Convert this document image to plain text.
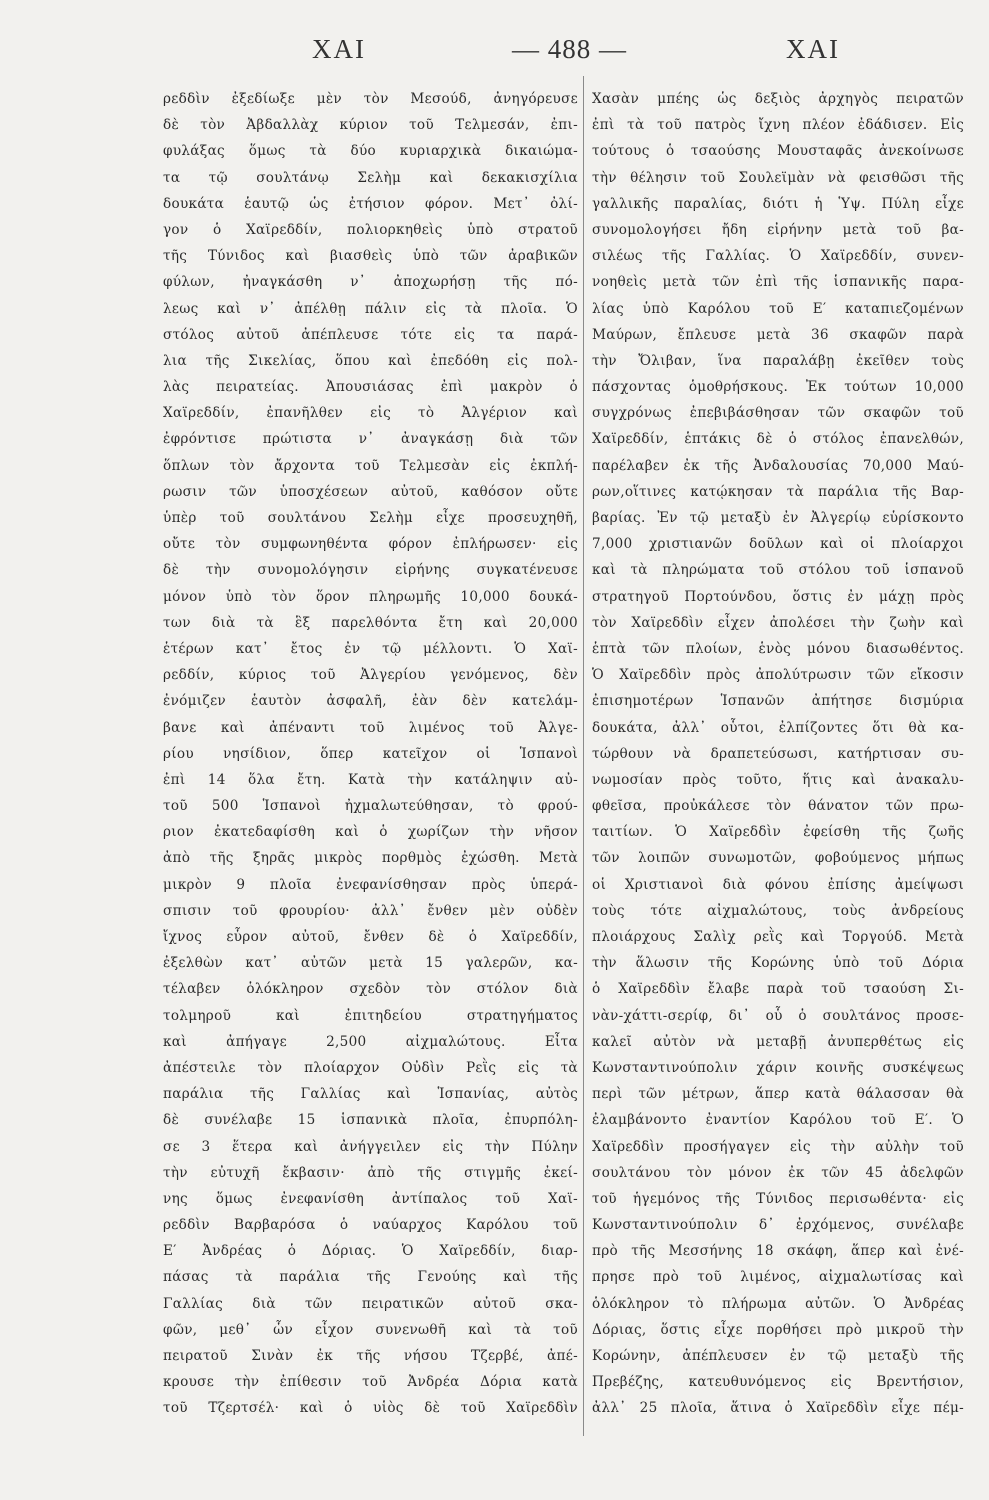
XAI	— 488 —	XAI
ρεδδὶν ἐξεδίωξε μὲν τὸν Μεσούδ, ἀνηγόρευσε
δὲ τὸν Ἀβδαλλὰχ κύριον τοῦ Τελμεσάν, ἐπι-
φυλάξας ὅμως τὰ δύο κυριαρχικὰ δικαιώμα-
τα τῷ σουλτάνῳ Σελὴμ καὶ δεκακισχίλια
δουκάτα ἑαυτῷ ὡς ἐτήσιον φόρον. Μετ᾽ ὀλί-
γον ὁ Χαϊρεδδίν, πολιορκηθεὶς ὑπὸ στρατοῦ
τῆς Τύνιδος καὶ βιασθεὶς ὑπὸ τῶν ἀραβικῶν
φύλων, ἠναγκάσθη ν᾽ ἀποχωρήσῃ τῆς πό-
λεως καὶ ν᾽ ἀπέλθῃ πάλιν εἰς τὰ πλοῖα. Ὁ
στόλος αὐτοῦ ἀπέπλευσε τότε εἰς τα παρά-
λια τῆς Σικελίας, ὅπου καὶ ἐπεδόθη εἰς πολ-
λὰς πειρατείας. Ἀπουσιάσας ἐπὶ μακρὸν ὁ
Χαϊρεδδίν, ἐπανῆλθεν εἰς τὸ Ἀλγέριον καὶ
ἐφρόντισε πρώτιστα ν᾽ ἀναγκάσῃ διὰ τῶν
ὅπλων τὸν ἄρχοντα τοῦ Τελμεσὰν εἰς ἐκπλή-
ρωσιν τῶν ὑποσχέσεων αὐτοῦ, καθόσον οὔτε
ὑπὲρ τοῦ σουλτάνου Σελὴμ εἶχε προσευχηθῆ,
οὔτε τὸν συμφωνηθέντα φόρον ἐπλήρωσεν· εἰς
δὲ τὴν συνομολόγησιν εἰρήνης συγκατένευσε
μόνον ὑπὸ τὸν ὅρον πληρωμῆς 10,000 δουκά-
των διὰ τὰ ἓξ παρελθόντα ἔτη καὶ 20,000
ἑτέρων κατ᾽ ἔτος ἐν τῷ μέλλοντι. Ὁ Χαϊ-
ρεδδίν, κύριος τοῦ Ἀλγερίου γενόμενος, δὲν
ἐνόμιζεν ἑαυτὸν ἀσφαλῆ, ἐὰν δὲν κατελάμ-
βανε καὶ ἀπέναντι τοῦ λιμένος τοῦ Ἀλγε-
ρίου νησίδιον, ὅπερ κατεῖχον οἱ Ἱσπανοὶ
ἐπὶ 14 ὅλα ἔτη. Κατὰ τὴν κατάληψιν αὐ-
τοῦ 500 Ἱσπανοὶ ἠχμαλωτεύθησαν, τὸ φρού-
ριον ἐκατεδαφίσθη καὶ ὁ χωρίζων τὴν νῆσον
ἀπὸ τῆς ξηρᾶς μικρὸς πορθμὸς ἐχώσθη. Μετὰ
μικρὸν 9 πλοῖα ἐνεφανίσθησαν πρὸς ὑπερά-
σπισιν τοῦ φρουρίου· ἀλλ᾽ ἔνθεν μὲν οὐδὲν
ἴχνος εὗρον αὐτοῦ, ἔνθεν δὲ ὁ Χαϊρεδδίν,
ἐξελθὼν κατ᾽ αὐτῶν μετὰ 15 γαλερῶν, κα-
τέλαβεν ὁλόκληρον σχεδὸν τὸν στόλον διὰ
τολμηροῦ καὶ ἐπιτηδείου στρατηγήματος
καὶ ἀπήγαγε 2,500 αἰχμαλώτους. Εἶτα
ἀπέστειλε τὸν πλοίαρχον Οὐδὶν Ρεῒς εἰς τὰ
παράλια τῆς Γαλλίας καὶ Ἱσπανίας, αὐτὸς
δὲ συνέλαβε 15 ἱσπανικὰ πλοῖα, ἐπυρπόλη-
σε 3 ἕτερα καὶ ἀνήγγειλεν εἰς τὴν Πύλην
τὴν εὐτυχῆ ἔκβασιν· ἀπὸ τῆς στιγμῆς ἐκεί-
νης ὅμως ἐνεφανίσθη ἀντίπαλος τοῦ Χαϊ-
ρεδδὶν Βαρβαρόσα ὁ ναύαρχος Καρόλου τοῦ
Ε′ Ἀνδρέας ὁ Δόριας. Ὁ Χαϊρεδδίν, διαρ-
πάσας τὰ παράλια τῆς Γενούης καὶ τῆς
Γαλλίας διὰ τῶν πειρατικῶν αὐτοῦ σκα-
φῶν, μεθ᾽ ὧν εἶχον συνενωθῆ καὶ τὰ τοῦ
πειρατοῦ Σινὰν ἐκ τῆς νήσου Τζερβέ, ἀπέ-
κρουσε τὴν ἐπίθεσιν τοῦ Ἀνδρέα Δόρια κατὰ
τοῦ Τζερτσέλ· καὶ ὁ υἱὸς δὲ τοῦ Χαϊρεδδὶν
Χασὰν μπέης ὡς δεξιὸς ἀρχηγὸς πειρατῶν
ἐπὶ τὰ τοῦ πατρὸς ἴχνη πλέον ἐδάδισεν. Εἰς
τούτους ὁ τσαούσης Μουσταφᾶς ἀνεκοίνωσε
τὴν θέλησιν τοῦ Σουλεϊμὰν νὰ φεισθῶσι τῆς
γαλλικῆς παραλίας, διότι ἡ Ὑψ. Πύλη εἶχε
συνομολογήσει ἤδη εἰρήνην μετὰ τοῦ βα-
σιλέως τῆς Γαλλίας. Ὁ Χαϊρεδδίν, συνεν-
νοηθεὶς μετὰ τῶν ἐπὶ τῆς ἱσπανικῆς παρα-
λίας ὑπὸ Καρόλου τοῦ Ε′ καταπιεζομένων
Μαύρων, ἔπλευσε μετὰ 36 σκαφῶν παρὰ
τὴν Ὄλιβαν, ἵνα παραλάβῃ ἐκεῖθεν τοὺς
πάσχοντας ὁμοθρήσκους. Ἐκ τούτων 10,000
συγχρόνως ἐπεβιβάσθησαν τῶν σκαφῶν τοῦ
Χαϊρεδδίν, ἑπτάκις δὲ ὁ στόλος ἐπανελθών,
παρέλαβεν ἐκ τῆς Ἀνδαλουσίας 70,000 Μαύ-
ρων,οἵτινες κατῴκησαν τὰ παράλια τῆς Βαρ-
βαρίας. Ἐν τῷ μεταξὺ ἐν Ἀλγερίῳ εὑρίσκοντο
7,000 χριστιανῶν δοῦλων καὶ οἱ πλοίαρχοι
καὶ τὰ πληρώματα τοῦ στόλου τοῦ ἱσπανοῦ
στρατηγοῦ Πορτούνδου, ὅστις ἐν μάχῃ πρὸς
τὸν Χαϊρεδδὶν εἶχεν ἀπολέσει τὴν ζωὴν καὶ
ἑπτὰ τῶν πλοίων, ἑνὸς μόνου διασωθέντος.
Ὁ Χαϊρεδδὶν πρὸς ἀπολύτρωσιν τῶν εἴκοσιν
ἐπισημοτέρων Ἱσπανῶν ἀπήτησε δισμύρια
δουκάτα, ἀλλ᾽ οὗτοι, ἐλπίζοντες ὅτι θὰ κα-
τώρθουν νὰ δραπετεύσωσι, κατήρτισαν συ-
νωμοσίαν πρὸς τοῦτο, ἥτις καὶ ἀνακαλυ-
φθεῖσα, προὐκάλεσε τὸν θάνατον τῶν πρω-
ταιτίων. Ὁ Χαϊρεδδὶν ἐφείσθη τῆς ζωῆς
τῶν λοιπῶν συνωμοτῶν, φοβούμενος μήπως
οἱ Χριστιανοὶ διὰ φόνου ἐπίσης ἀμείψωσι
τοὺς τότε αἰχμαλώτους, τοὺς ἀνδρείους
πλοιάρχους Σαλὶχ ρεῒς καὶ Τοργούδ. Μετὰ
τὴν ἅλωσιν τῆς Κορώνης ὑπὸ τοῦ Δόρια
ὁ Χαϊρεδδὶν ἔλαβε παρὰ τοῦ τσαούση Σι-
νὰν-χάττι-σερίφ, δι᾽ οὗ ὁ σουλτάνος προσε-
καλεῖ αὐτὸν νὰ μεταβῇ ἀνυπερθέτως εἰς
Κωνσταντινούπολιν χάριν κοινῆς συσκέψεως
περὶ τῶν μέτρων, ἅπερ κατὰ θάλασσαν θὰ
ἐλαμβάνοντο ἐναντίον Καρόλου τοῦ Ε′. Ὁ
Χαϊρεδδὶν προσήγαγεν εἰς τὴν αὐλὴν τοῦ
σουλτάνου τὸν μόνον ἐκ τῶν 45 ἀδελφῶν
τοῦ ἡγεμόνος τῆς Τύνιδος περισωθέντα· εἰς
Κωνσταντινούπολιν δ᾽ ἐρχόμενος, συνέλαβε
πρὸ τῆς Μεσσήνης 18 σκάφη, ἅπερ καὶ ἐνέ-
πρησε πρὸ τοῦ λιμένος, αἰχμαλωτίσας καὶ
ὁλόκληρον τὸ πλήρωμα αὐτῶν. Ὁ Ἀνδρέας
Δόριας, ὅστις εἶχε πορθήσει πρὸ μικροῦ τὴν
Κορώνην, ἀπέπλευσεν ἐν τῷ μεταξὺ τῆς
Πρεβέζης, κατευθυνόμενος εἰς Βρεντήσιον,
ἀλλ᾽ 25 πλοῖα, ἅτινα ὁ Χαϊρεδδὶν εἶχε πέμ-
